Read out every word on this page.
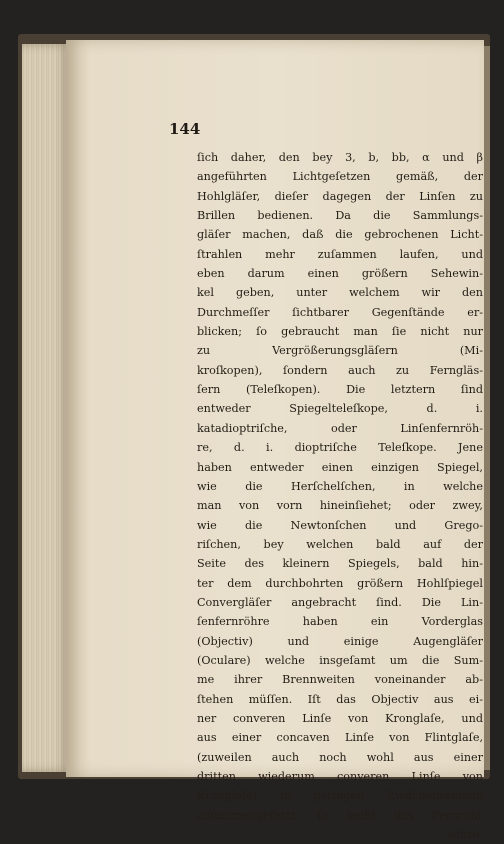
144
ſich daher, den bey 3, b, bb, α und β
angeführten Lichtgeſetzen gemäß, der
Hohlgläſer, dieſer dagegen der Linſen zu
Brillen bedienen. Da die Sammlungs-
gläſer machen, daß die gebrochenen Licht-
ſtrahlen mehr zuſammen laufen, und
eben darum einen größern Sehewin-
kel geben, unter welchem wir den
Durchmeſſer ſichtbarer Gegenſtände er-
blicken; ſo gebraucht man ſie nicht nur
zu Vergrößerungsgläſern (Mi-
kroſkopen), ſondern auch zu Ferngläs-
ſern (Teleſkopen). Die letztern ſind
entweder Spiegelteleſkope, d. i.
katadioptriſche, oder Linſenfernröh-
re, d. i. dioptriſche Teleſkope. Jene
haben entweder einen einzigen Spiegel,
wie die Herſchelſchen, in welche
man von vorn hineinſiehet; oder zwey,
wie die Newtonſchen und Grego-
riſchen, bey welchen bald auf der
Seite des kleinern Spiegels, bald hin-
ter dem durchbohrten größern Hohlſpiegel
Convergläſer angebracht ſind. Die Lin-
ſenfernröhre haben ein Vorderglas
(Objectiv) und einige Augengläſer
(Oculare) welche insgeſamt um die Sum-
me ihrer Brennweiten voneinander ab-
ſtehen müſſen. Iſt das Objectiv aus ei-
ner converen Linſe von Kronglaſe, und
aus einer concaven Linſe von Flintglaſe,
(zuweilen auch noch wohl aus einer
dritten wiederum converen Linſe von
Kronglaſe) in geringen Zwiſchenräumen
zuſammengeſetzt: ſo heißt das Fernrohr
achro-
